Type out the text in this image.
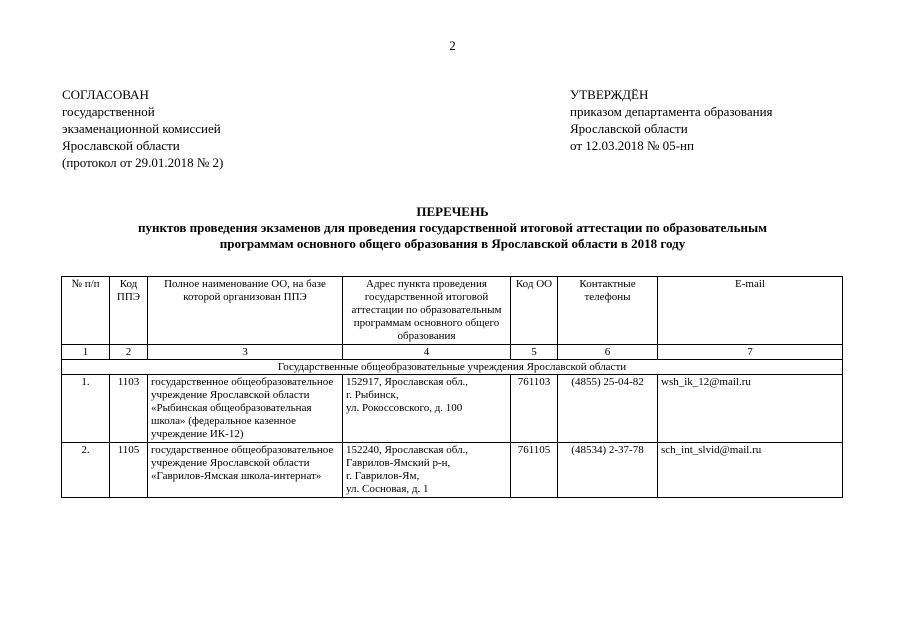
2
СОГЛАСОВАН
государственной
экзаменационной комиссией
Ярославской области
(протокол от 29.01.2018 № 2)
УТВЕРЖДЁН
приказом департамента образования
Ярославской области
от 12.03.2018 № 05-нп
ПЕРЕЧЕНЬ
пунктов проведения экзаменов для проведения государственной итоговой аттестации по образовательным
программам основного общего образования в Ярославской области в 2018 году
№ п/п	Код ППЭ	Полное наименование ОО, на базе которой организован ППЭ	Адрес пункта проведения государственной итоговой аттестации по образовательным программам основного общего образования	Код ОО	Контактные телефоны	E-mail
1	2	3	4	5	6	7
Государственные общеобразовательные учреждения Ярославской области						
1.	1103	государственное общеобразовательное учреждение Ярославской области «Рыбинская общеобразовательная школа» (федеральное казенное учреждение ИК-12)	152917, Ярославская обл.,
г. Рыбинск,
ул. Рокоссовского, д. 100	761103	(4855) 25-04-82	wsh_ik_12@mail.ru
2.	1105	государственное общеобразовательное учреждение Ярославской области «Гаврилов-Ямская школа-интернат»	152240, Ярославская обл.,
Гаврилов-Ямский р-н,
г. Гаврилов-Ям,
ул. Сосновая, д. 1	761105	(48534) 2-37-78	sch_int_slvid@mail.ru
